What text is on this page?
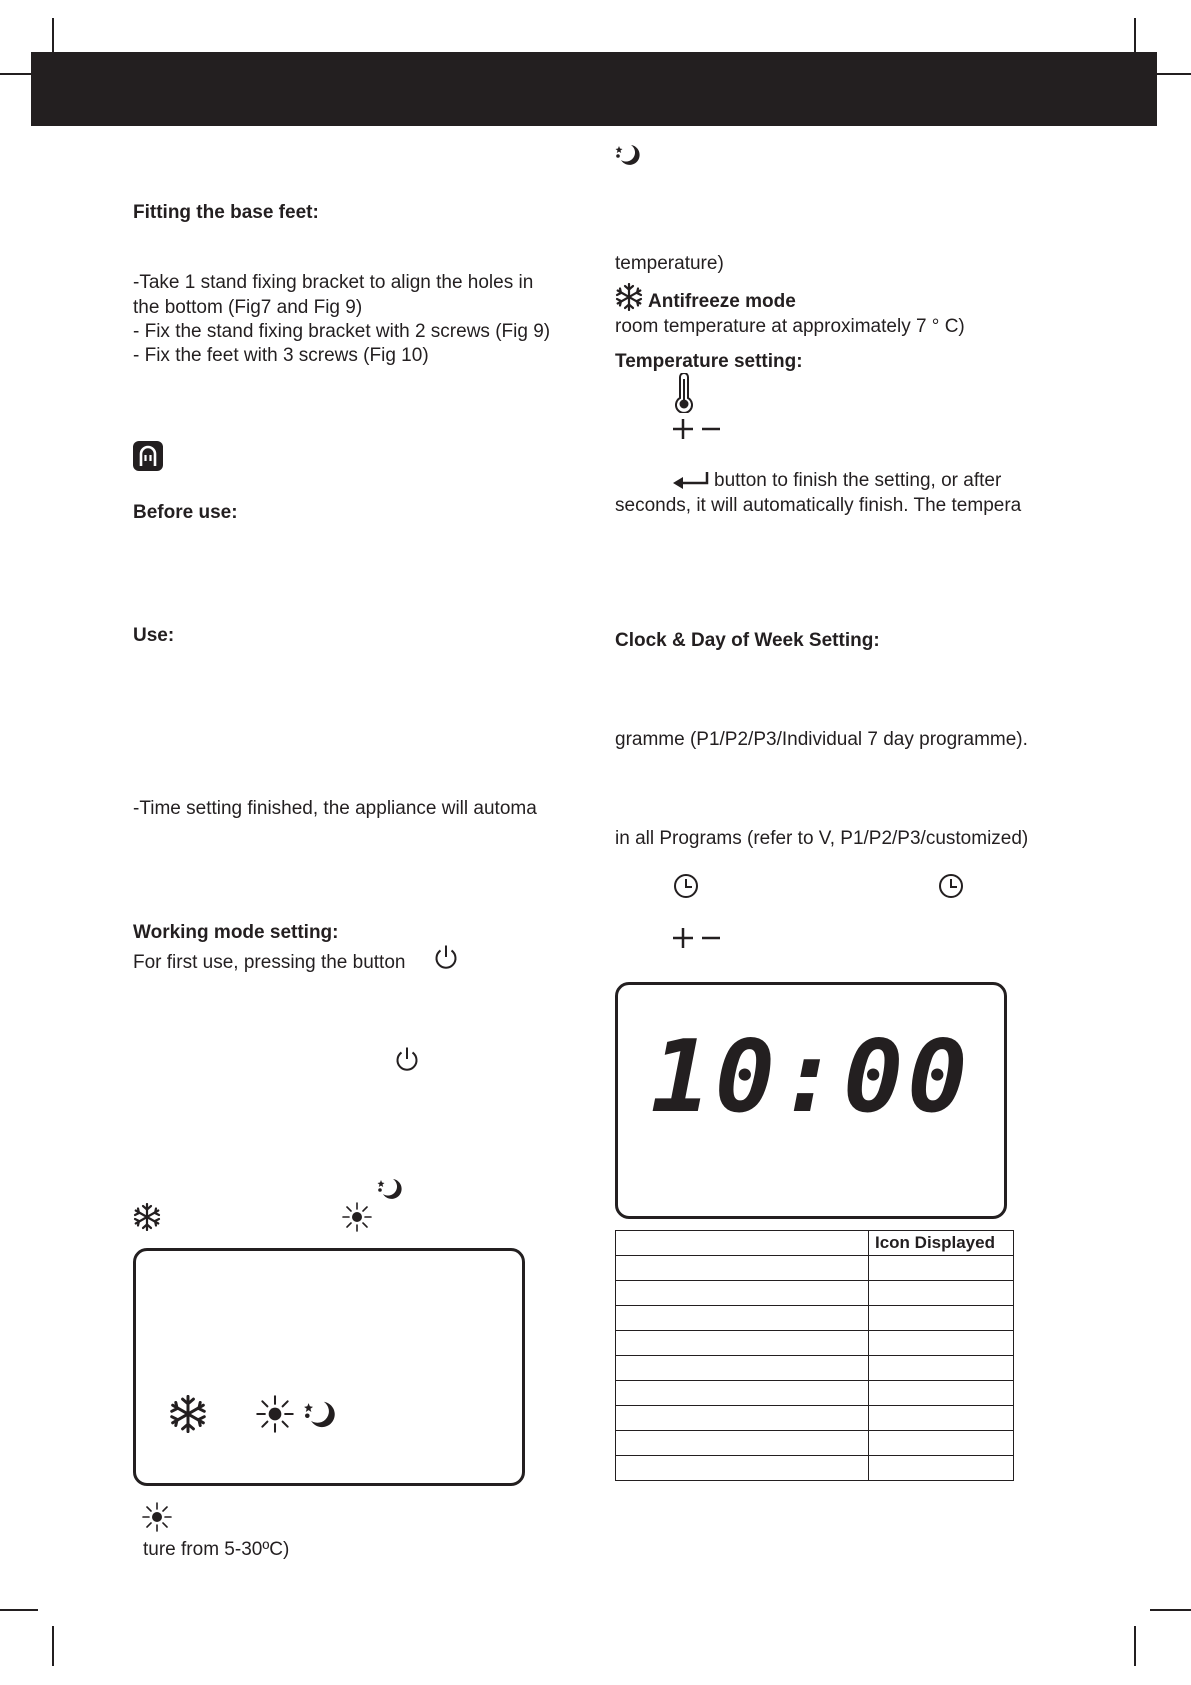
Fitting the base feet:
-Take 1 stand fixing bracket to align the holes in
the bottom (Fig7 and Fig 9)
- Fix the stand fixing bracket with 2 screws (Fig 9)
- Fix the feet with 3 screws (Fig 10)
Before use:
Use:
-Time setting finished, the appliance will automa
Working mode setting:
For first use, pressing the button
ture from 5-30ºC)
temperature)
Antifreeze mode
room temperature at approximately 7 ° C)
Temperature setting:
button to finish the setting, or after
seconds, it will automatically finish. The tempera
Clock & Day of Week Setting:
gramme (P1/P2/P3/Individual 7 day programme).
in all Programs (refer to V, P1/P2/P3/customized)
10:00
	Icon Displayed
